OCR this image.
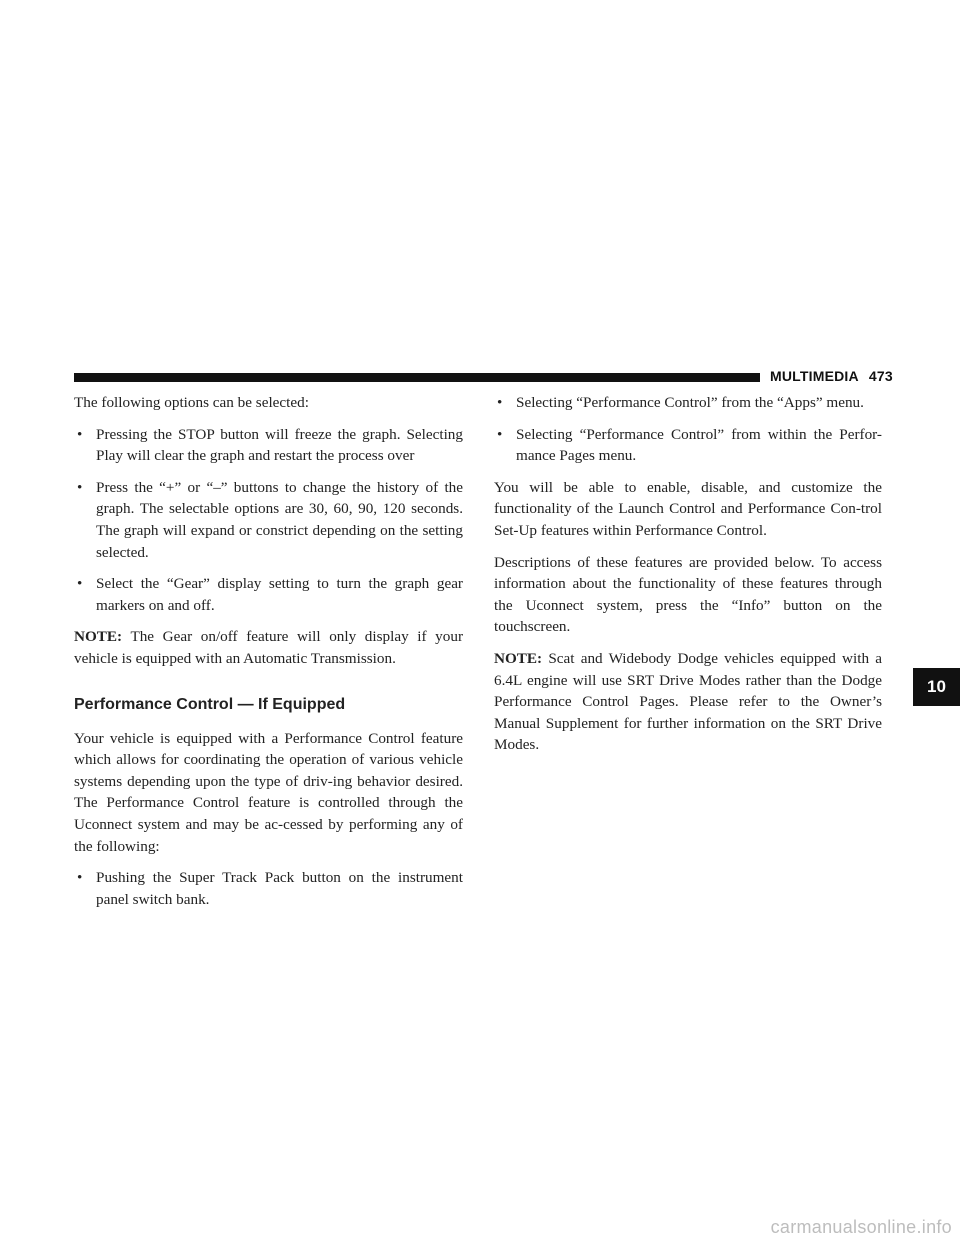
MULTIMEDIA 473

The following options can be selected:

• Pressing the STOP button will freeze the graph. Selecting Play will clear the graph and restart the process over
• Press the “+” or “–” buttons to change the history of the graph. The selectable options are 30, 60, 90, 120 seconds. The graph will expand or constrict depending on the setting selected.
• Select the “Gear” display setting to turn the graph gear markers on and off.

NOTE: The Gear on/off feature will only display if your vehicle is equipped with an Automatic Transmission.

Performance Control — If Equipped

Your vehicle is equipped with a Performance Control feature which allows for coordinating the operation of various vehicle systems depending upon the type of driv-ing behavior desired. The Performance Control feature is controlled through the Uconnect system and may be ac-cessed by performing any of the following:

• Pushing the Super Track Pack button on the instrument panel switch bank.
• Selecting “Performance Control” from the “Apps” menu.
• Selecting “Performance Control” from within the Perfor-mance Pages menu.

You will be able to enable, disable, and customize the functionality of the Launch Control and Performance Con-trol Set-Up features within Performance Control.

Descriptions of these features are provided below. To access information about the functionality of these features through the Uconnect system, press the “Info” button on the touchscreen.

NOTE: Scat and Widebody Dodge vehicles equipped with a 6.4L engine will use SRT Drive Modes rather than the Dodge Performance Control Pages. Please refer to the Owner’s Manual Supplement for further information on the SRT Drive Modes.

10
carmanualsonline.info
